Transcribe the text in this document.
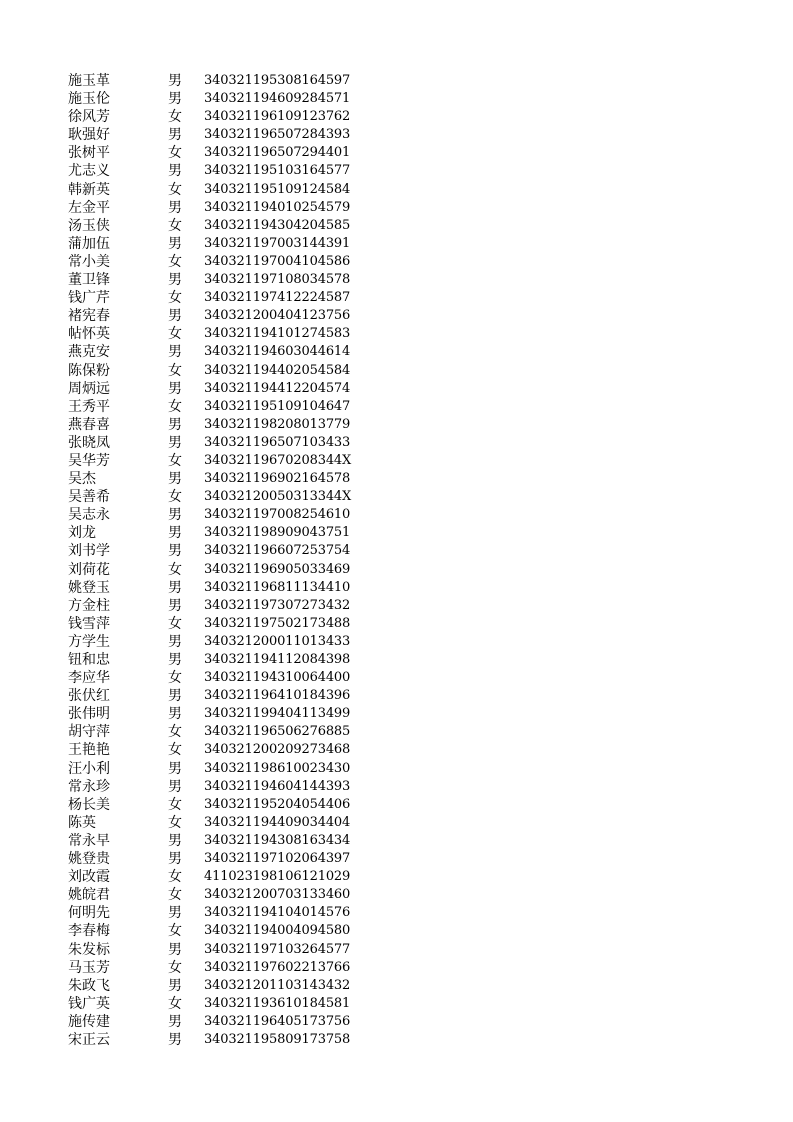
施玉革	男 340321195308164597
施玉伦	男 340321194609284571
徐风芳	女 340321196109123762
耿强好	男 340321196507284393
张树平	女 340321196507294401
尤志义	男 340321195103164577
韩新英	女 340321195109124584
左金平	男 340321194010254579
汤玉侠	女 340321194304204585
蒲加伍	男 340321197003144391
常小美	女 340321197004104586
董卫锋	男 340321197108034578
钱广芹	女 340321197412224587
褚宪春	男 340321200404123756
帖怀英	女 340321194101274583
燕克安	男 340321194603044614
陈保粉	女 340321194402054584
周炳远	男 340321194412204574
王秀平	女 340321195109104647
燕春喜	男 340321198208013779
张晓凤	男 340321196507103433
吴华芳	女 34032119670208344X
吴杰	男 340321196902164578
吴善希	女 34032120050313344X
吴志永	男 340321197008254610
刘龙	男 340321198909043751
刘书学	男 340321196607253754
刘荷花	女 340321196905033469
姚登玉	男 340321196811134410
方金柱	男 340321197307273432
钱雪萍	女 340321197502173488
方学生	男 340321200011013433
钮和忠	男 340321194112084398
李应华	女 340321194310064400
张伏红	男 340321196410184396
张伟明	男 340321199404113499
胡守萍	女 340321196506276885
王艳艳	女 340321200209273468
汪小利	男 340321198610023430
常永珍	男 340321194604144393
杨长美	女 340321195204054406
陈英	女 340321194409034404
常永早	男 340321194308163434
姚登贵	男 340321197102064397
刘改霞	女 411023198106121029
姚皖君	女 340321200703133460
何明先	男 340321194104014576
李春梅	女 340321194004094580
朱发标	男 340321197103264577
马玉芳	女 340321197602213766
朱政飞	男 340321201103143432
钱广英	女 340321193610184581
施传建	男 340321196405173756
宋正云	男 340321195809173758
